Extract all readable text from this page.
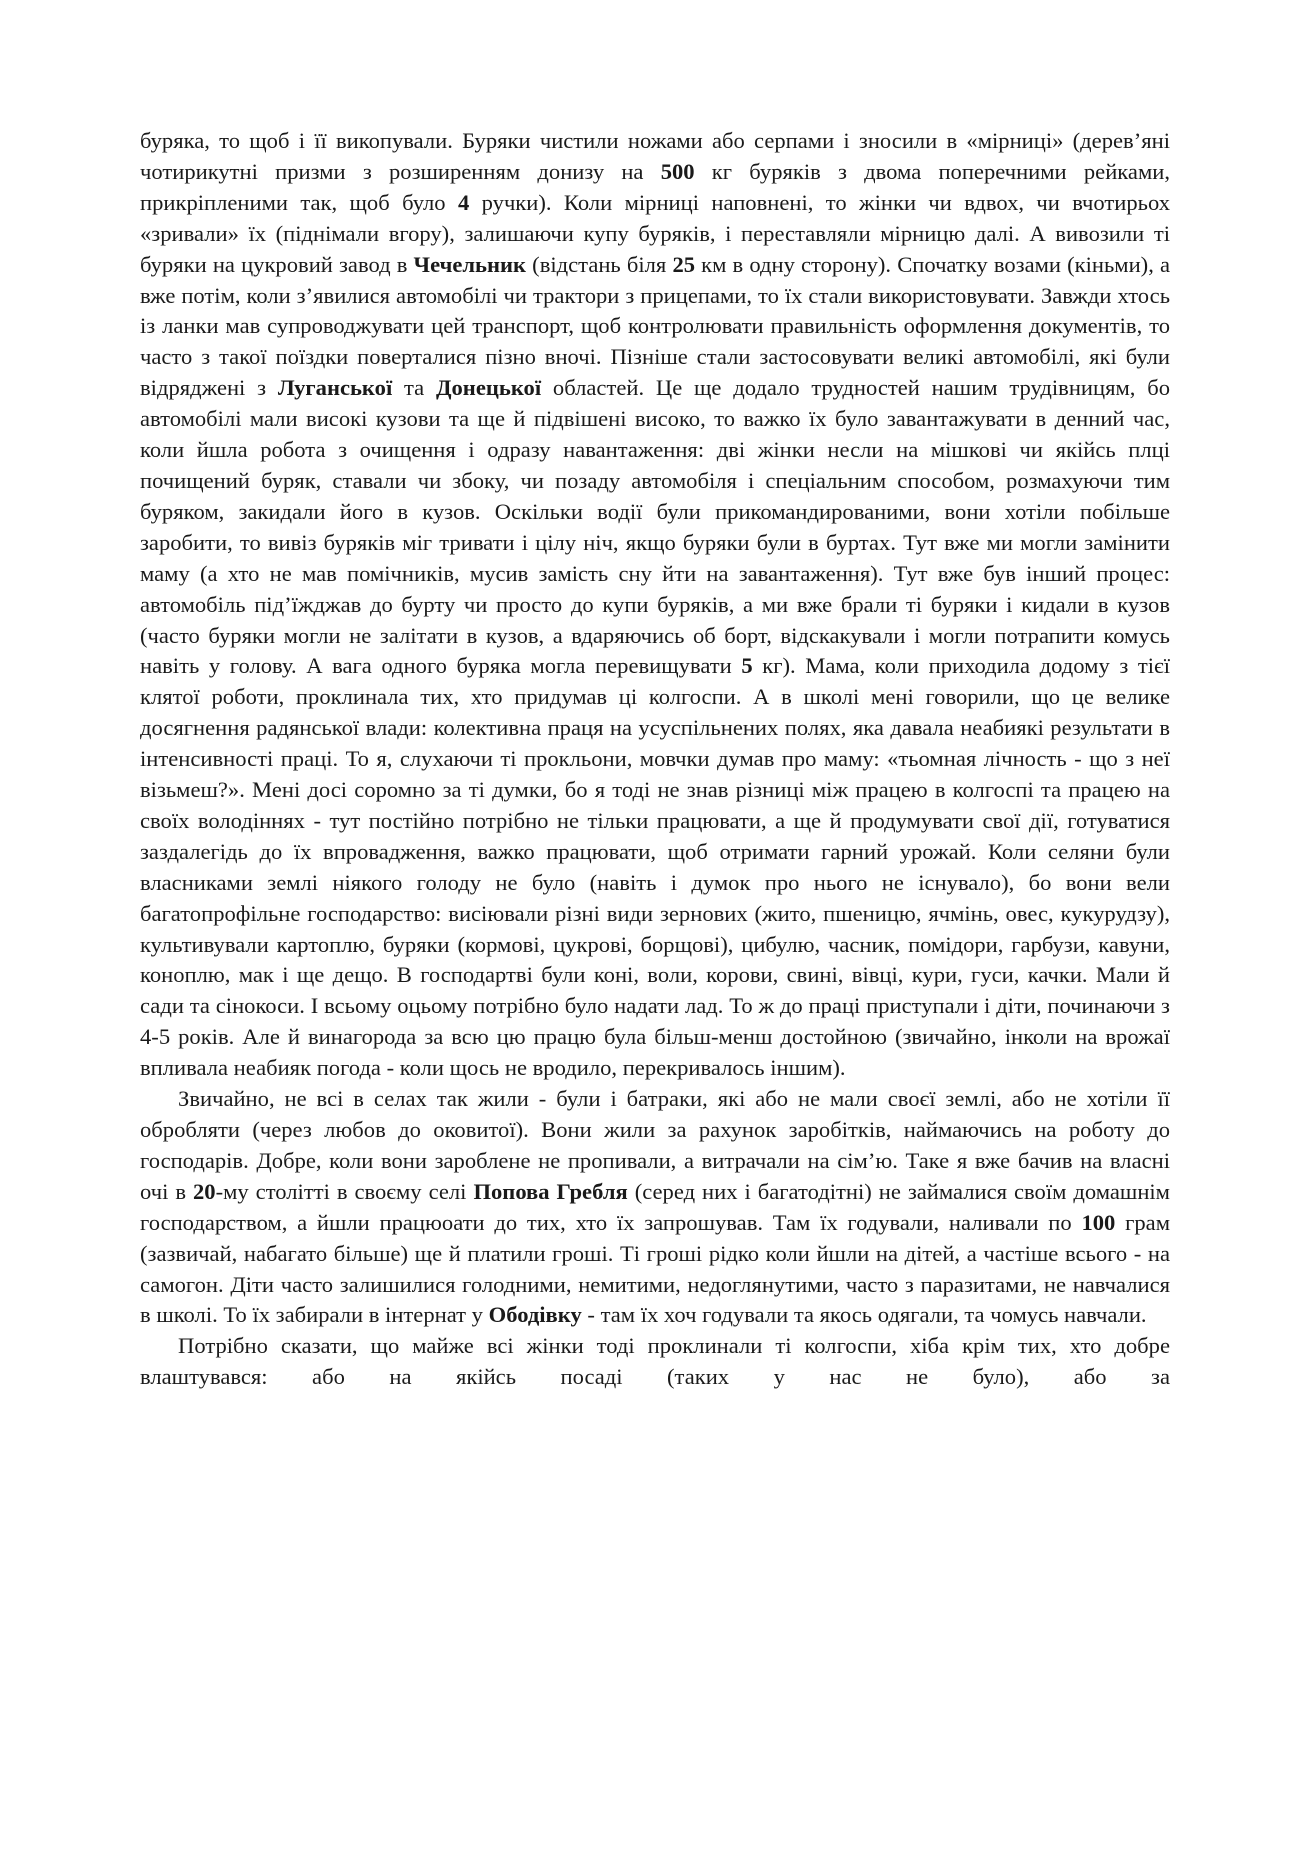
буряка, то щоб і її викопували. Буряки чистили ножами або серпами і зносили в «мірниці» (дерев’яні чотирикутні призми з розширенням донизу на 500 кг буряків з двома поперечними рейками, прикріпленими так, щоб було 4 ручки). Коли мірниці наповнені, то жінки чи вдвох, чи вчотирьох «зривали» їх (піднімали вгору), залишаючи купу буряків, і переставляли мірницю далі. А вивозили ті буряки на цукровий завод в Чечельник (відстань біля 25 км в одну сторону). Спочатку возами (кіньми), а вже потім, коли з’явилися автомобілі чи трактори з прицепами, то їх стали використовувати. Завжди хтось із ланки мав супроводжувати цей транспорт, щоб контролювати правильність оформлення документів, то часто з такої поїздки поверталися пізно вночі. Пізніше стали застосовувати великі автомобілі, які були відряджені з Луганської та Донецької областей. Це ще додало трудностей нашим трудівницям, бо автомобілі мали високі кузови та ще й підвішені високо, то важко їх було завантажувати в денний час, коли йшла робота з очищення і одразу навантаження: дві жінки несли на мішкові чи якійсь плці почищений буряк, ставали чи збоку, чи позаду автомобіля і спеціальним способом, розмахуючи тим буряком, закидали його в кузов. Оскільки водії були прикомандированими, вони хотіли побільше заробити, то вивіз буряків міг тривати і цілу ніч, якщо буряки були в буртах. Тут вже ми могли замінити маму (а хто не мав помічників, мусив замість сну йти на завантаження). Тут вже був інший процес: автомобіль під’їжджав до бурту чи просто до купи буряків, а ми вже брали ті буряки і кидали в кузов (часто буряки могли не залітати в кузов, а вдаряючись об борт, відскакували і могли потрапити комусь навіть у голову. А вага одного буряка могла перевищувати 5 кг). Мама, коли приходила додому з тієї клятої роботи, проклинала тих, хто придумав ці колгоспи. А в школі мені говорили, що це велике досягнення радянської влади: колективна праця на усуспільнених полях, яка давала неабиякі результати в інтенсивності праці. То я, слухаючи ті прокльони, мовчки думав про маму: «тьомная лічность - що з неї візьмеш?». Мені досі соромно за ті думки, бо я тоді не знав різниці між працею в колгоспі та працею на своїх володіннях - тут постійно потрібно не тільки працювати, а ще й продумувати свої дії, готуватися заздалегідь до їх впровадження, важко працювати, щоб отримати гарний урожай. Коли селяни були власниками землі ніякого голоду не було (навіть і думок про нього не існувало), бо вони вели багатопрофільне господарство: висіювали різні види зернових (жито, пшеницю, ячмінь, овес, кукурудзу), культивували картоплю, буряки (кормові, цукрові, борщові), цибулю, часник, помідори, гарбузи, кавуни, коноплю, мак і ще дещо. В господартві були коні, воли, корови, свині, вівці, кури, гуси, качки. Мали й сади та сінокоси. І всьому оцьому потрібно було надати лад. То ж до праці приступали і діти, починаючи з 4-5 років. Але й винагорода за всю цю працю була більш-менш достойною (звичайно, інколи на врожаї впливала неабияк погода - коли щось не вродило, перекривалось іншим).

Звичайно, не всі в селах так жили - були і батраки, які або не мали своєї землі, або не хотіли її обробляти (через любов до оковитої). Вони жили за рахунок заробітків, наймаючись на роботу до господарів. Добре, коли вони зароблене не пропивали, а витрачали на сім’ю. Таке я вже бачив на власні очі в 20-му столітті в своєму селі Попова Гребля (серед них і багатодітні) не займалися своїм домашнім господарством, а йшли працюоати до тих, хто їх запрошував. Там їх годували, наливали по 100 грам (зазвичай, набагато більше) ще й платили гроші. Ті гроші рідко коли йшли на дітей, а частіше всього - на самогон. Діти часто залишилися голодними, немитими, недоглянутими, часто з паразитами, не навчалися в школі. То їх забирали в інтернат у Ободівку - там їх хоч годували та якось одягали, та чомусь навчали.

Потрібно сказати, що майже всі жінки тоді проклинали ті колгоспи, хіба крім тих, хто добре влаштувався: або на якійсь посаді (таких у нас не було), або за
